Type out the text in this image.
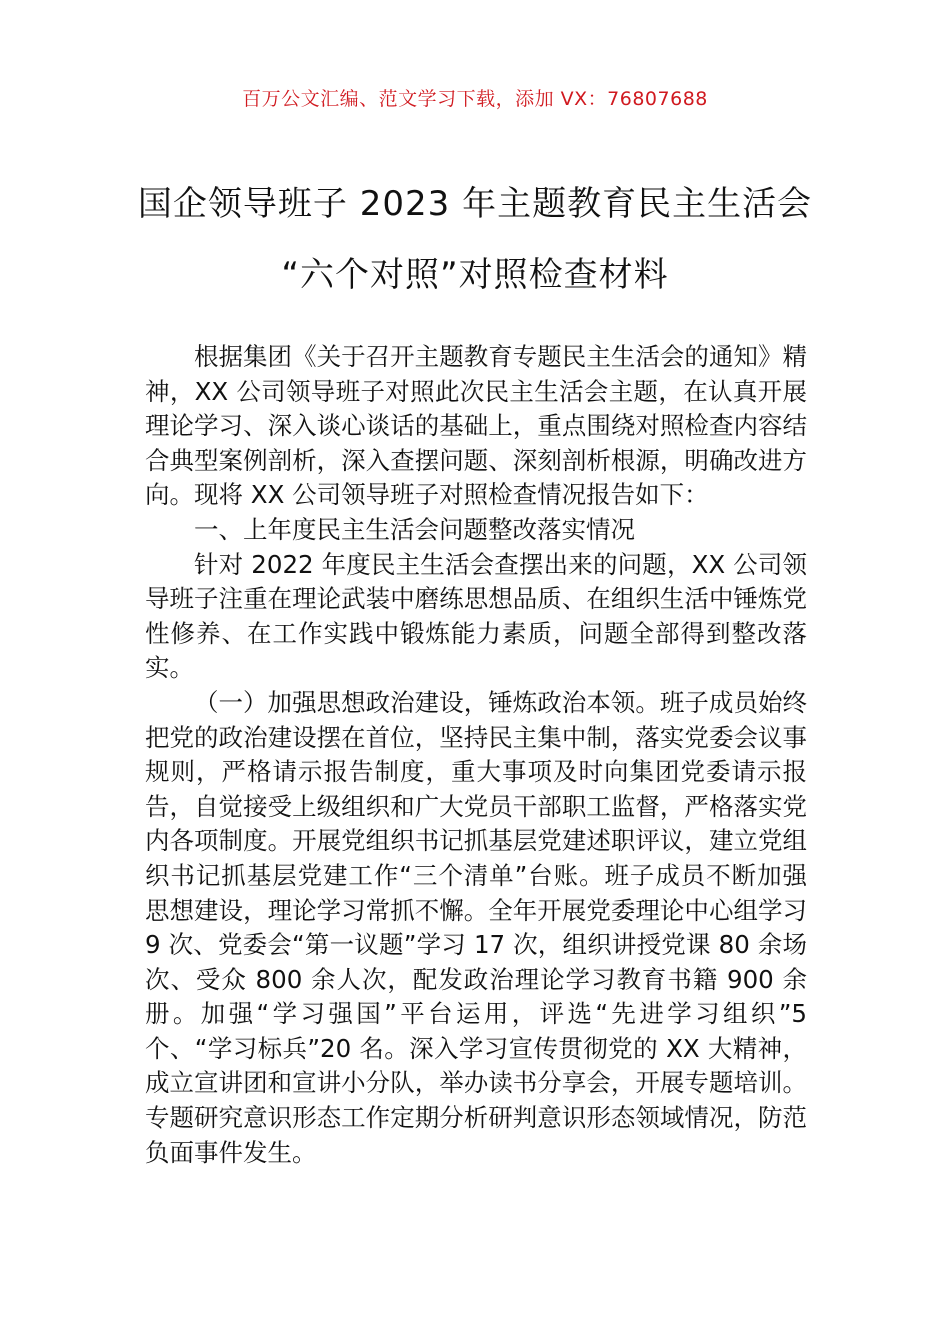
百万公文汇编、范文学习下载，添加 VX：76807688
国企领导班子 2023 年主题教育民主生活会
“六个对照”对照检查材料

根据集团《关于召开主题教育专题民主生活会的通知》精神，XX 公司领导班子对照此次民主生活会主题，在认真开展理论学习、深入谈心谈话的基础上，重点围绕对照检查内容结合典型案例剖析，深入查摆问题、深刻剖析根源，明确改进方向。现将 XX 公司领导班子对照检查情况报告如下：

一、上年度民主生活会问题整改落实情况

针对 2022 年度民主生活会查摆出来的问题，XX 公司领导班子注重在理论武装中磨练思想品质、在组织生活中锤炼党性修养、在工作实践中锻炼能力素质，问题全部得到整改落实。

（一）加强思想政治建设，锤炼政治本领。班子成员始终把党的政治建设摆在首位，坚持民主集中制，落实党委会议事规则，严格请示报告制度，重大事项及时向集团党委请示报告，自觉接受上级组织和广大党员干部职工监督，严格落实党内各项制度。开展党组织书记抓基层党建述职评议，建立党组织书记抓基层党建工作“三个清单”台账。班子成员不断加强思想建设，理论学习常抓不懈。全年开展党委理论中心组学习 9 次、党委会“第一议题”学习 17 次，组织讲授党课 80 余场次、受众 800 余人次，配发政治理论学习教育书籍 900 余册。加强“学习强国”平台运用，评选“先进学习组织”5 个、“学习标兵”20 名。深入学习宣传贯彻党的 XX 大精神，成立宣讲团和宣讲小分队，举办读书分享会，开展专题培训。专题研究意识形态工作定期分析研判意识形态领域情况，防范负面事件发生。
